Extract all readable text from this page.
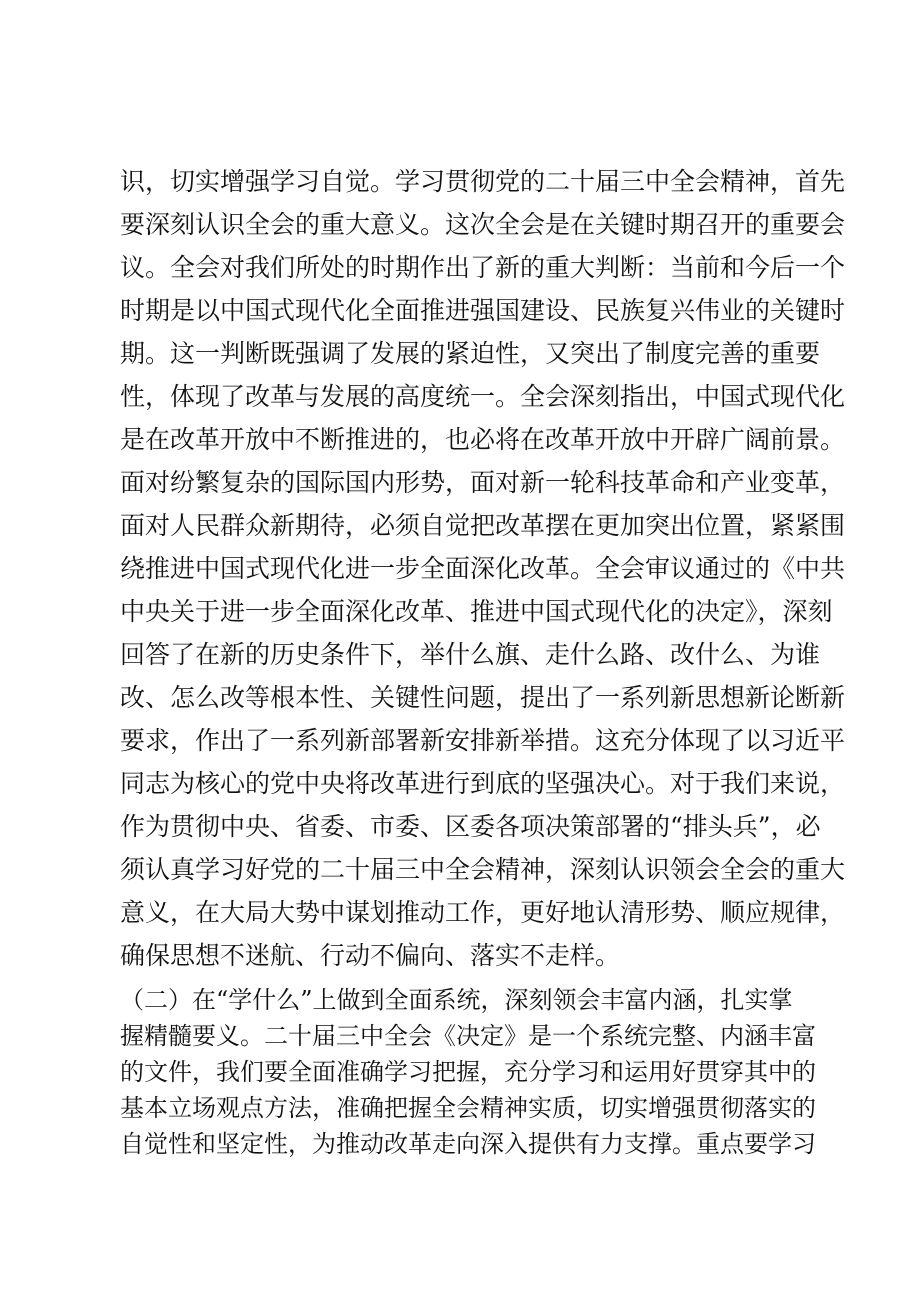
识，切实增强学习自觉。学习贯彻党的二十届三中全会精神，首先
要深刻认识全会的重大意义。这次全会是在关键时期召开的重要会
议。全会对我们所处的时期作出了新的重大判断：当前和今后一个
时期是以中国式现代化全面推进强国建设、民族复兴伟业的关键时
期。这一判断既强调了发展的紧迫性，又突出了制度完善的重要
性，体现了改革与发展的高度统一。全会深刻指出，中国式现代化
是在改革开放中不断推进的，也必将在改革开放中开辟广阔前景。
面对纷繁复杂的国际国内形势，面对新一轮科技革命和产业变革，
面对人民群众新期待，必须自觉把改革摆在更加突出位置，紧紧围
绕推进中国式现代化进一步全面深化改革。全会审议通过的《中共
中央关于进一步全面深化改革、推进中国式现代化的决定》，深刻
回答了在新的历史条件下，举什么旗、走什么路、改什么、为谁
改、怎么改等根本性、关键性问题，提出了一系列新思想新论断新
要求，作出了一系列新部署新安排新举措。这充分体现了以习近平
同志为核心的党中央将改革进行到底的坚强决心。对于我们来说，
作为贯彻中央、省委、市委、区委各项决策部署的“排头兵”，必
须认真学习好党的二十届三中全会精神，深刻认识领会全会的重大
意义，在大局大势中谋划推动工作，更好地认清形势、顺应规律，
确保思想不迷航、行动不偏向、落实不走样。
（二）在“学什么”上做到全面系统，深刻领会丰富内涵，扎实掌
握精髓要义。二十届三中全会《决定》是一个系统完整、内涵丰富
的文件，我们要全面准确学习把握，充分学习和运用好贯穿其中的
基本立场观点方法，准确把握全会精神实质，切实增强贯彻落实的
自觉性和坚定性，为推动改革走向深入提供有力支撑。重点要学习
